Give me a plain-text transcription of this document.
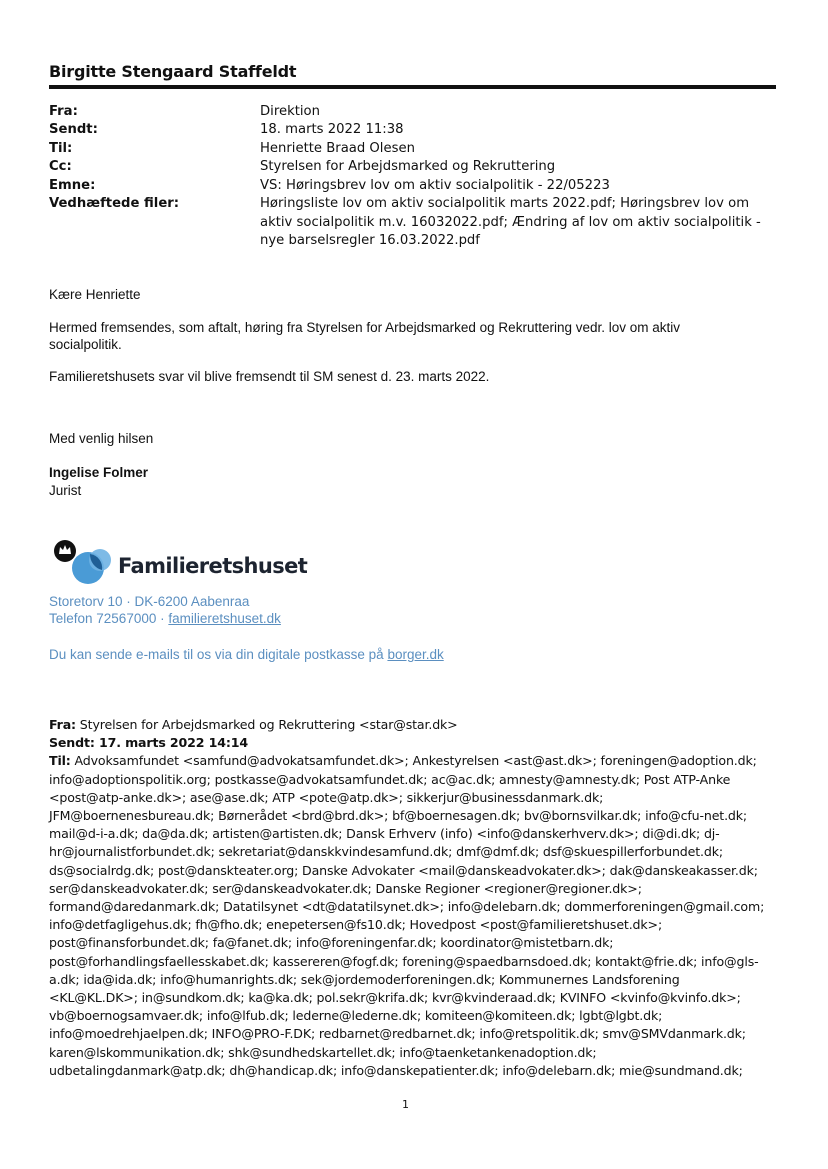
Birgitte Stengaard Staffeldt
Fra:	Direktion
Sendt:	18. marts 2022 11:38
Til:	Henriette Braad Olesen
Cc:	Styrelsen for Arbejdsmarked og Rekruttering
Emne:	VS: Høringsbrev lov om aktiv socialpolitik - 22/05223
Vedhæftede filer:	Høringsliste lov om aktiv socialpolitik marts 2022.pdf; Høringsbrev lov om aktiv socialpolitik m.v. 16032022.pdf; Ændring af lov om aktiv socialpolitik - nye barselsregler 16.03.2022.pdf
Kære Henriette
Hermed fremsendes, som aftalt, høring fra Styrelsen for Arbejdsmarked og Rekruttering vedr. lov om aktiv socialpolitik.
Familieretshusets svar vil blive fremsendt til SM senest d. 23. marts 2022.
Med venlig hilsen
Ingelise Folmer
Jurist
Familieretshuset
Storetorv 10 · DK-6200 Aabenraa
Telefon 72567000 · familieretshuset.dk
Du kan sende e-mails til os via din digitale postkasse på borger.dk
Fra: Styrelsen for Arbejdsmarked og Rekruttering <star@star.dk>
Sendt: 17. marts 2022 14:14
Til: Advoksamfundet <samfund@advokatsamfundet.dk>; Ankestyrelsen <ast@ast.dk>; foreningen@adoption.dk;
info@adoptionspolitik.org; postkasse@advokatsamfundet.dk; ac@ac.dk; amnesty@amnesty.dk; Post ATP-Anke
<post@atp-anke.dk>; ase@ase.dk; ATP <pote@atp.dk>; sikkerjur@businessdanmark.dk;
JFM@boernenesbureau.dk; Børnerådet <brd@brd.dk>; bf@boernesagen.dk; bv@bornsvilkar.dk; info@cfu-net.dk;
mail@d-i-a.dk; da@da.dk; artisten@artisten.dk; Dansk Erhverv (info) <info@danskerhverv.dk>; di@di.dk; dj-
hr@journalistforbundet.dk; sekretariat@danskkvindesamfund.dk; dmf@dmf.dk; dsf@skuespillerforbundet.dk;
ds@socialrdg.dk; post@dansktеater.org; Danske Advokater <mail@danskeadvokater.dk>; dak@danskeakasser.dk;
ser@danskeadvokater.dk; ser@danskeadvokater.dk; Danske Regioner <regioner@regioner.dk>;
formand@daredanmark.dk; Datatilsynet <dt@datatilsynet.dk>; info@delebarn.dk; dommerforeningen@gmail.com;
info@detfagligehus.dk; fh@fho.dk; enepetersen@fs10.dk; Hovedpost <post@familieretshuset.dk>;
post@finansforbundet.dk; fa@fanet.dk; info@foreningenfar.dk; koordinator@mistetbarn.dk;
post@forhandlingsfaellesskabet.dk; kassereren@fogf.dk; forening@spaedbarnsdoed.dk; kontakt@frie.dk; info@gls-
a.dk; ida@ida.dk; info@humanrights.dk; sek@jordemoderforeningen.dk; Kommunernes Landsforening
<KL@KL.DK>; in@sundkom.dk; ka@ka.dk; pol.sekr@krifa.dk; kvr@kvinderaad.dk; KVINFO <kvinfo@kvinfo.dk>;
vb@boernogsamvaer.dk; info@lfub.dk; lederne@lederne.dk; komiteen@komiteen.dk; lgbt@lgbt.dk;
info@moedrehjaelpen.dk; INFO@PRO-F.DK; redbarnet@redbarnet.dk; info@retspolitik.dk; smv@SMVdanmark.dk;
karen@lskommunikation.dk; shk@sundhedskartellet.dk; info@taenketankenadoption.dk;
udbetalingdanmark@atp.dk; dh@handicap.dk; info@danskepatienter.dk; info@delebarn.dk; mie@sundmand.dk;
1
